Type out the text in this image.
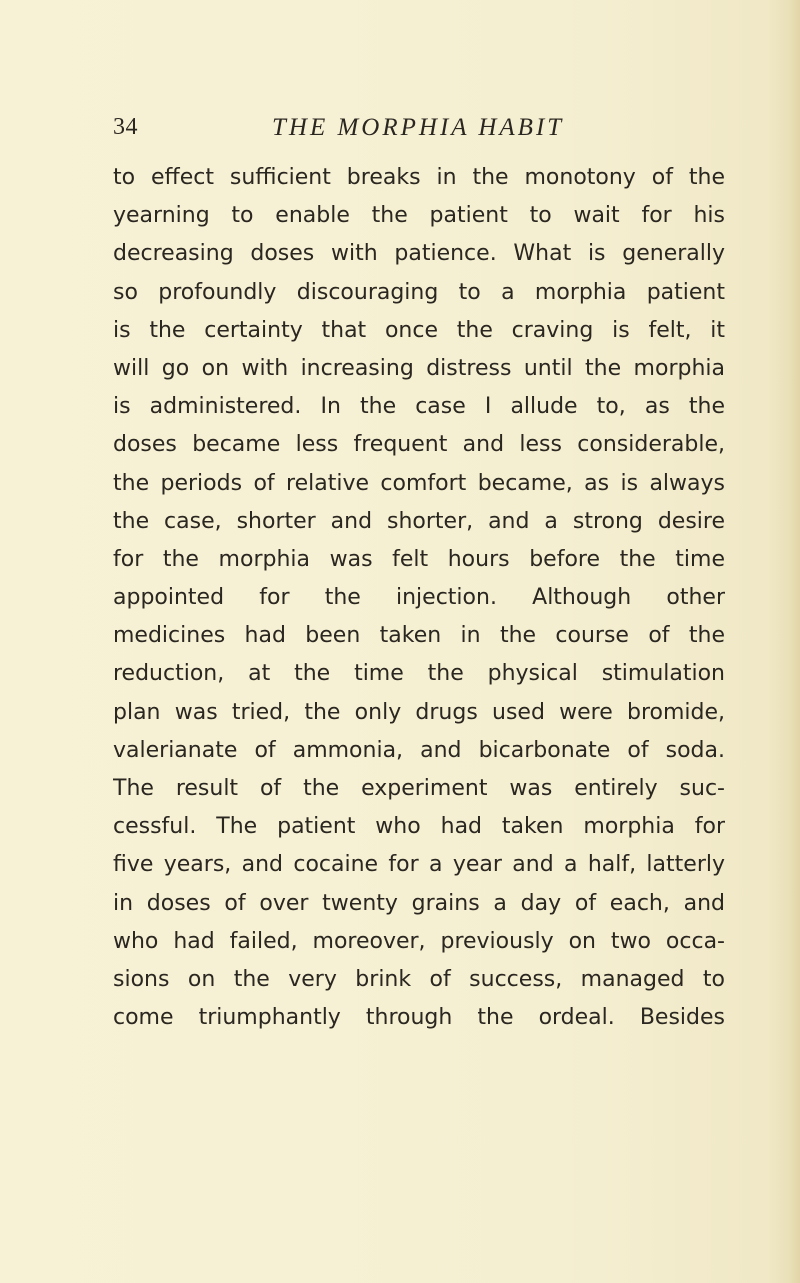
34	THE MORPHIA HABIT
to effect sufficient breaks in the monotony of the
yearning to enable the patient to wait for his
decreasing doses with patience. What is generally
so profoundly discouraging to a morphia patient
is the certainty that once the craving is felt, it
will go on with increasing distress until the morphia
is administered. In the case I allude to, as the
doses became less frequent and less considerable,
the periods of relative comfort became, as is always
the case, shorter and shorter, and a strong desire
for the morphia was felt hours before the time
appointed for the injection. Although other
medicines had been taken in the course of the
reduction, at the time the physical stimulation
plan was tried, the only drugs used were bromide,
valerianate of ammonia, and bicarbonate of soda.
The result of the experiment was entirely suc-
cessful. The patient who had taken morphia for
five years, and cocaine for a year and a half, latterly
in doses of over twenty grains a day of each, and
who had failed, moreover, previously on two occa-
sions on the very brink of success, managed to
come triumphantly through the ordeal. Besides
